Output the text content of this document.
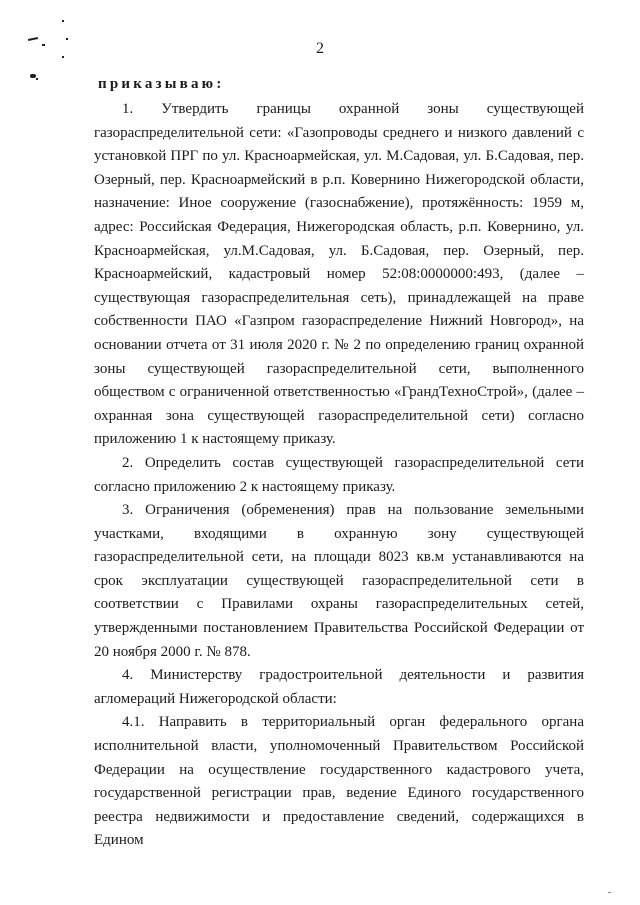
2
приказываю:

1. Утвердить границы охранной зоны существующей газораспределительной сети: «Газопроводы среднего и низкого давлений с установкой ПРГ по ул. Красноармейская, ул. М.Садовая, ул. Б.Садовая, пер. Озерный, пер. Красноармейский в р.п. Ковернино Нижегородской области, назначение: Иное сооружение (газоснабжение), протяжённость: 1959 м, адрес: Российская Федерация, Нижегородская область, р.п. Ковернино, ул. Красноармейская, ул.М.Садовая, ул. Б.Садовая, пер. Озерный, пер. Красноармейский, кадастровый номер 52:08:0000000:493, (далее – существующая газораспределительная сеть), принадлежащей на праве собственности ПАО «Газпром газораспределение Нижний Новгород», на основании отчета от 31 июля 2020 г. № 2 по определению границ охранной зоны существующей газораспределительной сети, выполненного обществом с ограниченной ответственностью «ГрандТехноСтрой», (далее – охранная зона существующей газораспределительной сети) согласно приложению 1 к настоящему приказу.

2. Определить состав существующей газораспределительной сети согласно приложению 2 к настоящему приказу.

3. Ограничения (обременения) прав на пользование земельными участками, входящими в охранную зону существующей газораспределительной сети, на площади 8023 кв.м устанавливаются на срок эксплуатации существующей газораспределительной сети в соответствии с Правилами охраны газораспределительных сетей, утвержденными постановлением Правительства Российской Федерации от 20 ноября 2000 г. № 878.

4. Министерству градостроительной деятельности и развития агломераций Нижегородской области:

4.1. Направить в территориальный орган федерального органа исполнительной власти, уполномоченный Правительством Российской Федерации на осуществление государственного кадастрового учета, государственной регистрации прав, ведение Единого государственного реестра недвижимости и предоставление сведений, содержащихся в Едином
